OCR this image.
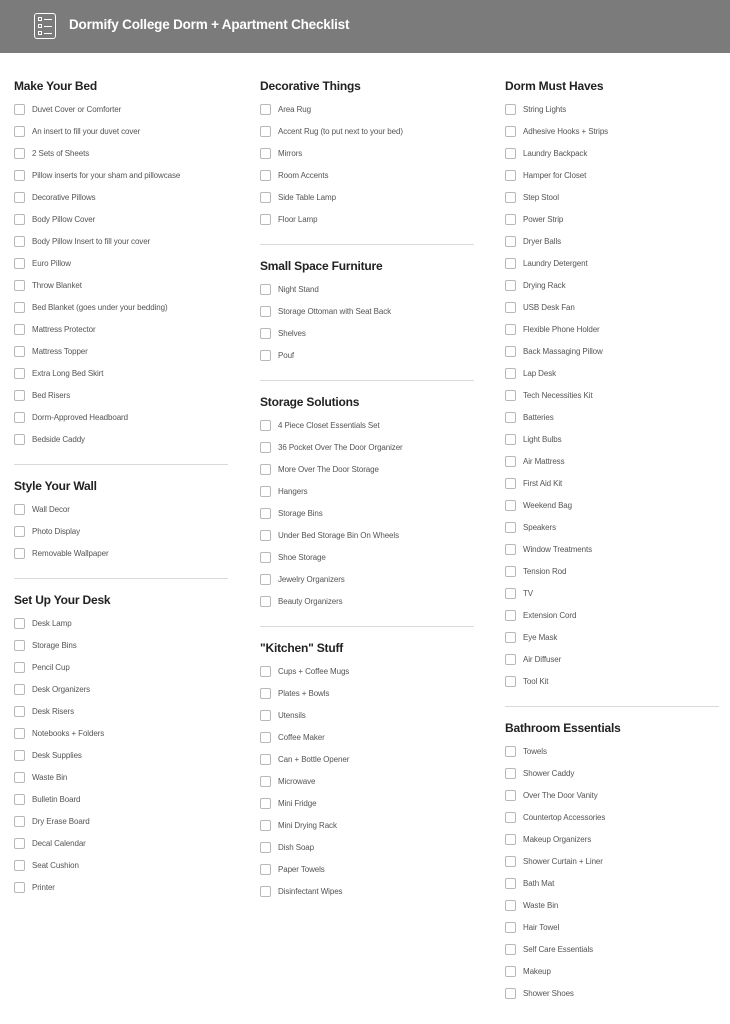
Dormify College Dorm + Apartment Checklist
Make Your Bed
Duvet Cover or Comforter
An insert to fill your duvet cover
2 Sets of Sheets
Pillow inserts for your sham and pillowcase
Decorative Pillows
Body Pillow Cover
Body Pillow Insert to fill your cover
Euro Pillow
Throw Blanket
Bed Blanket (goes under your bedding)
Mattress Protector
Mattress Topper
Extra Long Bed Skirt
Bed Risers
Dorm-Approved Headboard
Bedside Caddy
Style Your Wall
Wall Decor
Photo Display
Removable Wallpaper
Set Up Your Desk
Desk Lamp
Storage Bins
Pencil Cup
Desk Organizers
Desk Risers
Notebooks + Folders
Desk Supplies
Waste Bin
Bulletin Board
Dry Erase Board
Decal Calendar
Seat Cushion
Printer
Decorative Things
Area Rug
Accent Rug (to put next to your bed)
Mirrors
Room Accents
Side Table Lamp
Floor Lamp
Small Space Furniture
Night Stand
Storage Ottoman with Seat Back
Shelves
Pouf
Storage Solutions
4 Piece Closet Essentials Set
36 Pocket Over The Door Organizer
More Over The Door Storage
Hangers
Storage Bins
Under Bed Storage Bin On Wheels
Shoe Storage
Jewelry Organizers
Beauty Organizers
"Kitchen" Stuff
Cups + Coffee Mugs
Plates + Bowls
Utensils
Coffee Maker
Can + Bottle Opener
Microwave
Mini Fridge
Mini Drying Rack
Dish Soap
Paper Towels
Disinfectant Wipes
Dorm Must Haves
String Lights
Adhesive Hooks + Strips
Laundry Backpack
Hamper for Closet
Step Stool
Power Strip
Dryer Balls
Laundry Detergent
Drying Rack
USB Desk Fan
Flexible Phone Holder
Back Massaging Pillow
Lap Desk
Tech Necessities Kit
Batteries
Light Bulbs
Air Mattress
First Aid Kit
Weekend Bag
Speakers
Window Treatments
Tension Rod
TV
Extension Cord
Eye Mask
Air Diffuser
Tool Kit
Bathroom Essentials
Towels
Shower Caddy
Over The Door Vanity
Countertop Accessories
Makeup Organizers
Shower Curtain + Liner
Bath Mat
Waste Bin
Hair Towel
Self Care Essentials
Makeup
Shower Shoes
